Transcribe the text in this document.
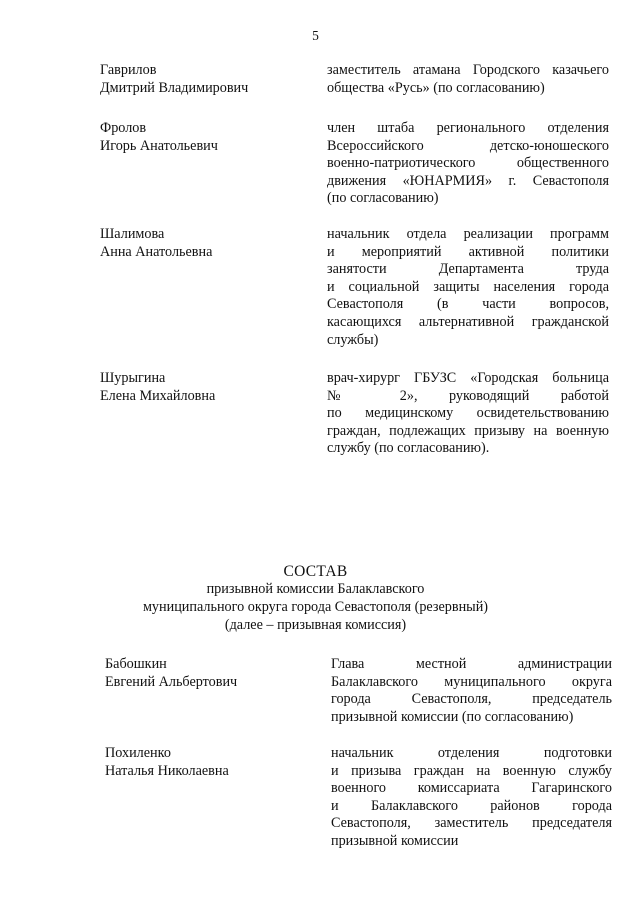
5
Гаврилов
Дмитрий Владимирович
заместитель атамана Городского казачьего
общества «Русь» (по согласованию)
Фролов
Игорь Анатольевич
член штаба регионального отделения
Всероссийского детско-юношеского
военно-патриотического общественного
движения «ЮНАРМИЯ» г. Севастополя
(по согласованию)
Шалимова
Анна Анатольевна
начальник отдела реализации программ
и мероприятий активной политики
занятости Департамента труда
и социальной защиты населения города
Севастополя (в части вопросов,
касающихся альтернативной гражданской
службы)
Шурыгина
Елена Михайловна
врач-хирург ГБУЗС «Городская больница
№ 2», руководящий работой
по медицинскому освидетельствованию
граждан, подлежащих призыву на военную
службу (по согласованию).
СОСТАВ
призывной комиссии Балаклавского
муниципального округа города Севастополя (резервный)
(далее – призывная комиссия)
Бабошкин
Евгений Альбертович
Глава местной администрации
Балаклавского муниципального округа
города Севастополя, председатель
призывной комиссии (по согласованию)
Похиленко
Наталья Николаевна
начальник отделения подготовки
и призыва граждан на военную службу
военного комиссариата Гагаринского
и Балаклавского районов города
Севастополя, заместитель председателя
призывной комиссии
